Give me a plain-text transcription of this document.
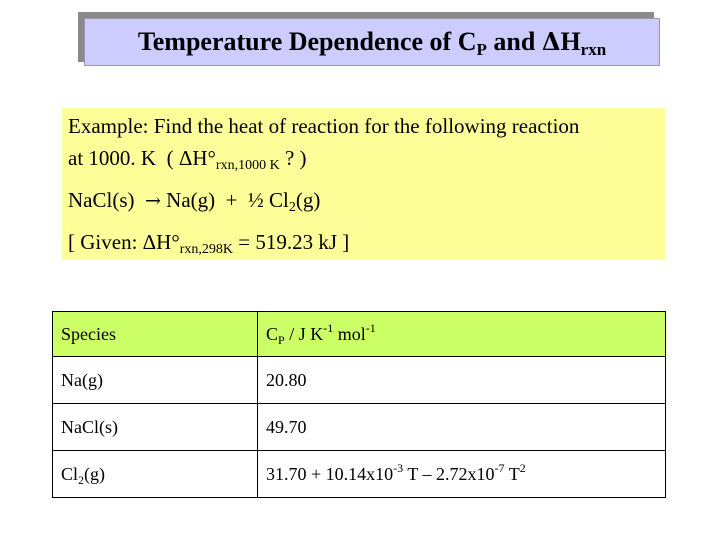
Temperature Dependence of $C_P$ and $\Delta H_{rxn}$
Example: Find the heat of reaction for the following reaction
at 1000. K  ( $\Delta H^\circ_{rxn,1000 K}$ ? )
NaCl(s)  → Na(g)  +  ½ $Cl_2(g)$
[ Given: $\Delta H^\circ_{rxn,298K} = 519.23$ kJ ]
Species	$C_P$ / J $K^{-1}$ mol$^{-1}$
Na(g)	20.80
NaCl(s)	49.70
$Cl_2(g)$	$31.70 + 10.14x10^{-3}$ T – $2.72x10^{-7}$ $T^2$
